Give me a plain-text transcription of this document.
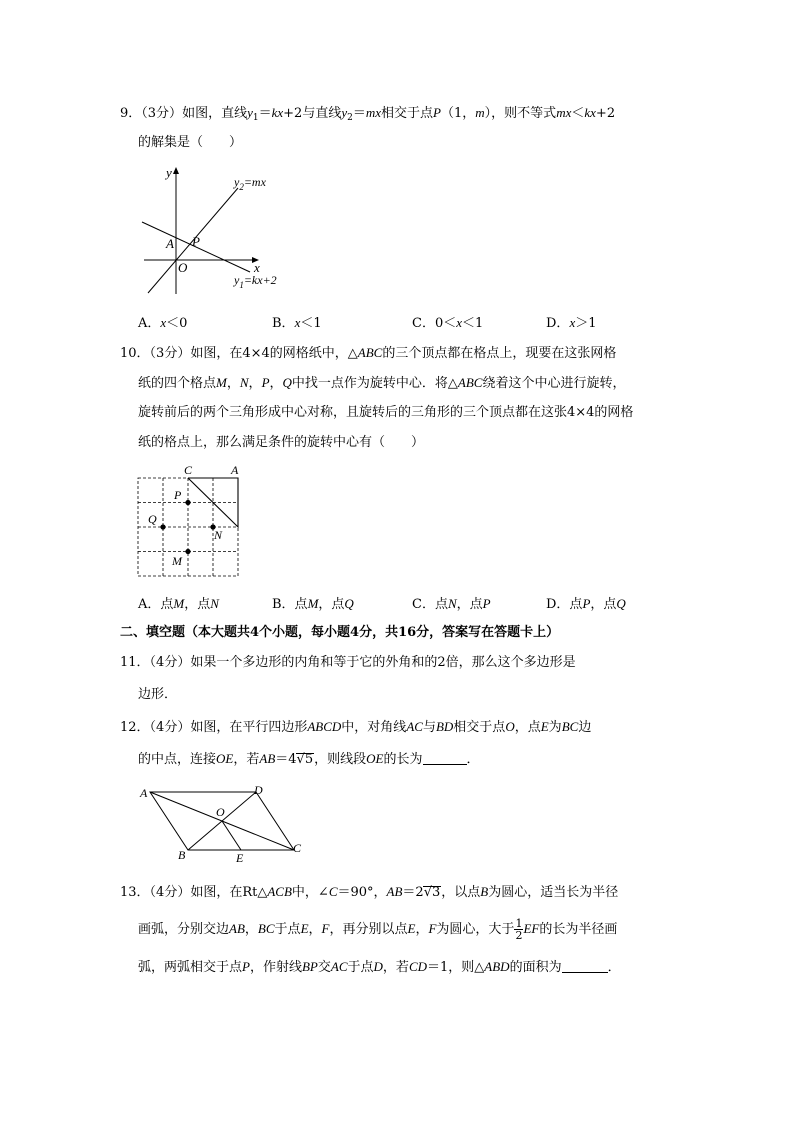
9．（3分）如图，直线$y_1=kx+2$与直线$y_2=mx$相交于点P（1，m），则不等式mx＜kx+2
的解集是（　　）
y
x
O
A P
$y_2=mx$
$y_1=kx+2$
A．x＜0	B．x＜1	C．0＜x＜1	D．x＞1
10．（3分）如图，在4×4的网格纸中，△ABC的三个顶点都在格点上，现要在这张网格
纸的四个格点M，N，P，Q中找一点作为旋转中心．将△ABC绕着这个中心进行旋转，
旋转前后的两个三角形成中心对称，且旋转后的三角形的三个顶点都在这张4×4的网格
纸的格点上，那么满足条件的旋转中心有（　　）
C	A
P
Q
N
M
A．点M，点N	B．点M，点Q	C．点N，点P	D．点P，点Q
二、填空题（本大题共4个小题，每小题4分，共16分，答案写在答题卡上）
11．（4分）如果一个多边形的内角和等于它的外角和的2倍，那么这个多边形是
边形．
12．（4分）如图，在平行四边形ABCD中，对角线AC与BD相交于点O，点E为BC边
的中点，连接OE，若AB＝4√5，则线段OE的长为	．
A	D
O
B	E
C
13．（4分）如图，在Rt△ACB中，∠C＝90°，AB＝2√3，以点B为圆心，适当长为半径
画弧，分别交边AB，BC于点E，F，再分别以点E，F为圆心，大于 $\frac{1}{2}$ EF的长为半径画
弧，两弧相交于点P，作射线BP交AC于点D，若CD＝1，则△ABD的面积为	．
